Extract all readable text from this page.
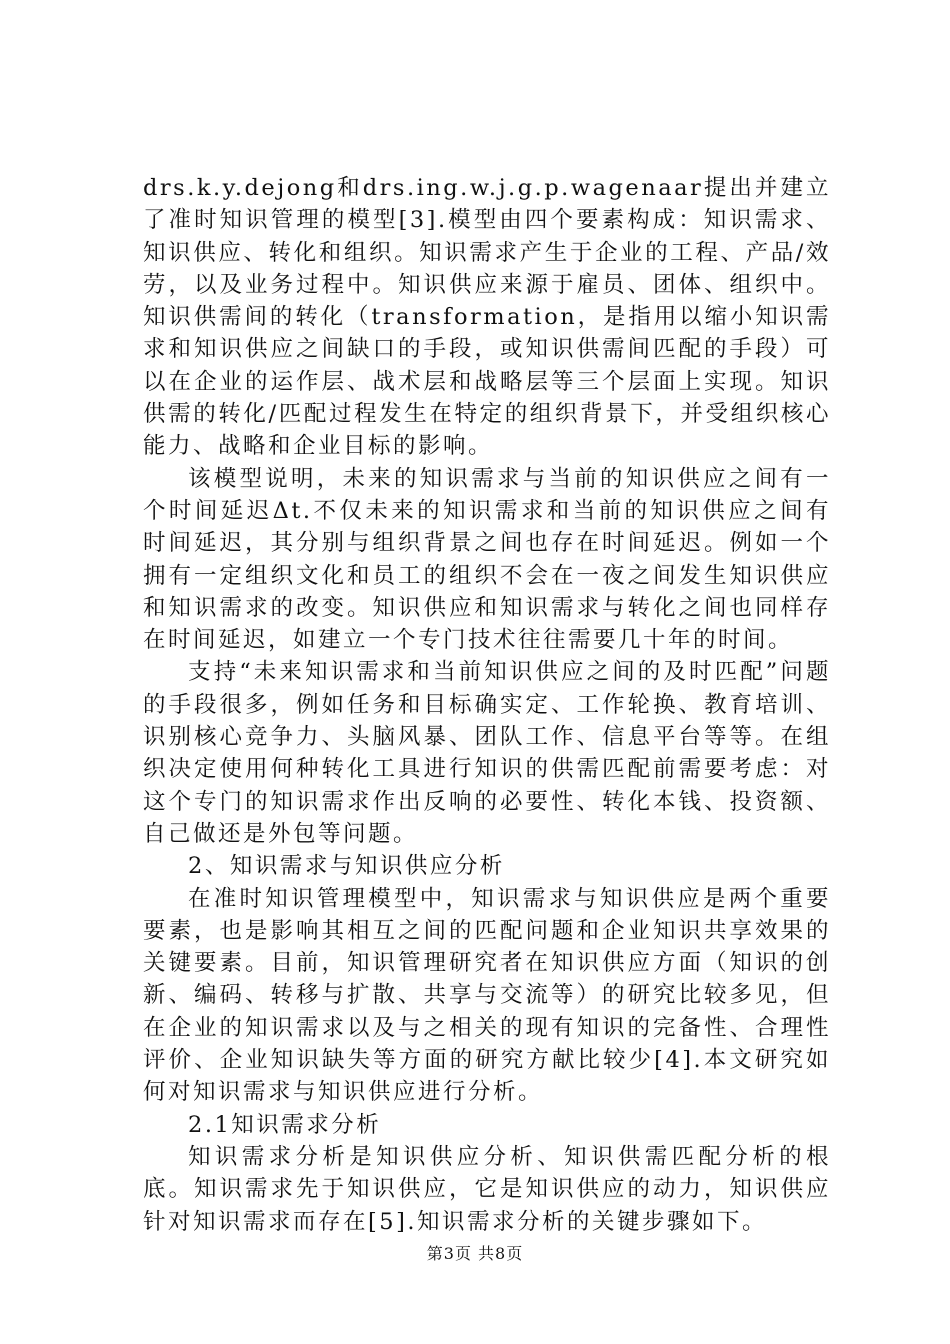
drs.k.y.dejong和drs.ing.w.j.g.p.wagenaar提出并建立了准时知识管理的模型[3].模型由四个要素构成：知识需求、知识供应、转化和组织。知识需求产生于企业的工程、产品/效劳，以及业务过程中。知识供应来源于雇员、团体、组织中。知识供需间的转化（transformation，是指用以缩小知识需求和知识供应之间缺口的手段，或知识供需间匹配的手段）可以在企业的运作层、战术层和战略层等三个层面上实现。知识供需的转化/匹配过程发生在特定的组织背景下，并受组织核心能力、战略和企业目标的影响。

该模型说明，未来的知识需求与当前的知识供应之间有一个时间延迟Δt.不仅未来的知识需求和当前的知识供应之间有时间延迟，其分别与组织背景之间也存在时间延迟。例如一个拥有一定组织文化和员工的组织不会在一夜之间发生知识供应和知识需求的改变。知识供应和知识需求与转化之间也同样存在时间延迟，如建立一个专门技术往往需要几十年的时间。

支持“未来知识需求和当前知识供应之间的及时匹配”问题的手段很多，例如任务和目标确实定、工作轮换、教育培训、识别核心竞争力、头脑风暴、团队工作、信息平台等等。在组织决定使用何种转化工具进行知识的供需匹配前需要考虑：对这个专门的知识需求作出反响的必要性、转化本钱、投资额、自己做还是外包等问题。

2、知识需求与知识供应分析

在准时知识管理模型中，知识需求与知识供应是两个重要要素，也是影响其相互之间的匹配问题和企业知识共享效果的关键要素。目前，知识管理研究者在知识供应方面（知识的创新、编码、转移与扩散、共享与交流等）的研究比较多见，但在企业的知识需求以及与之相关的现有知识的完备性、合理性评价、企业知识缺失等方面的研究方献比较少[4].本文研究如何对知识需求与知识供应进行分析。

2.1知识需求分析

知识需求分析是知识供应分析、知识供需匹配分析的根底。知识需求先于知识供应，它是知识供应的动力，知识供应针对知识需求而存在[5].知识需求分析的关键步骤如下。

第3页 共8页
